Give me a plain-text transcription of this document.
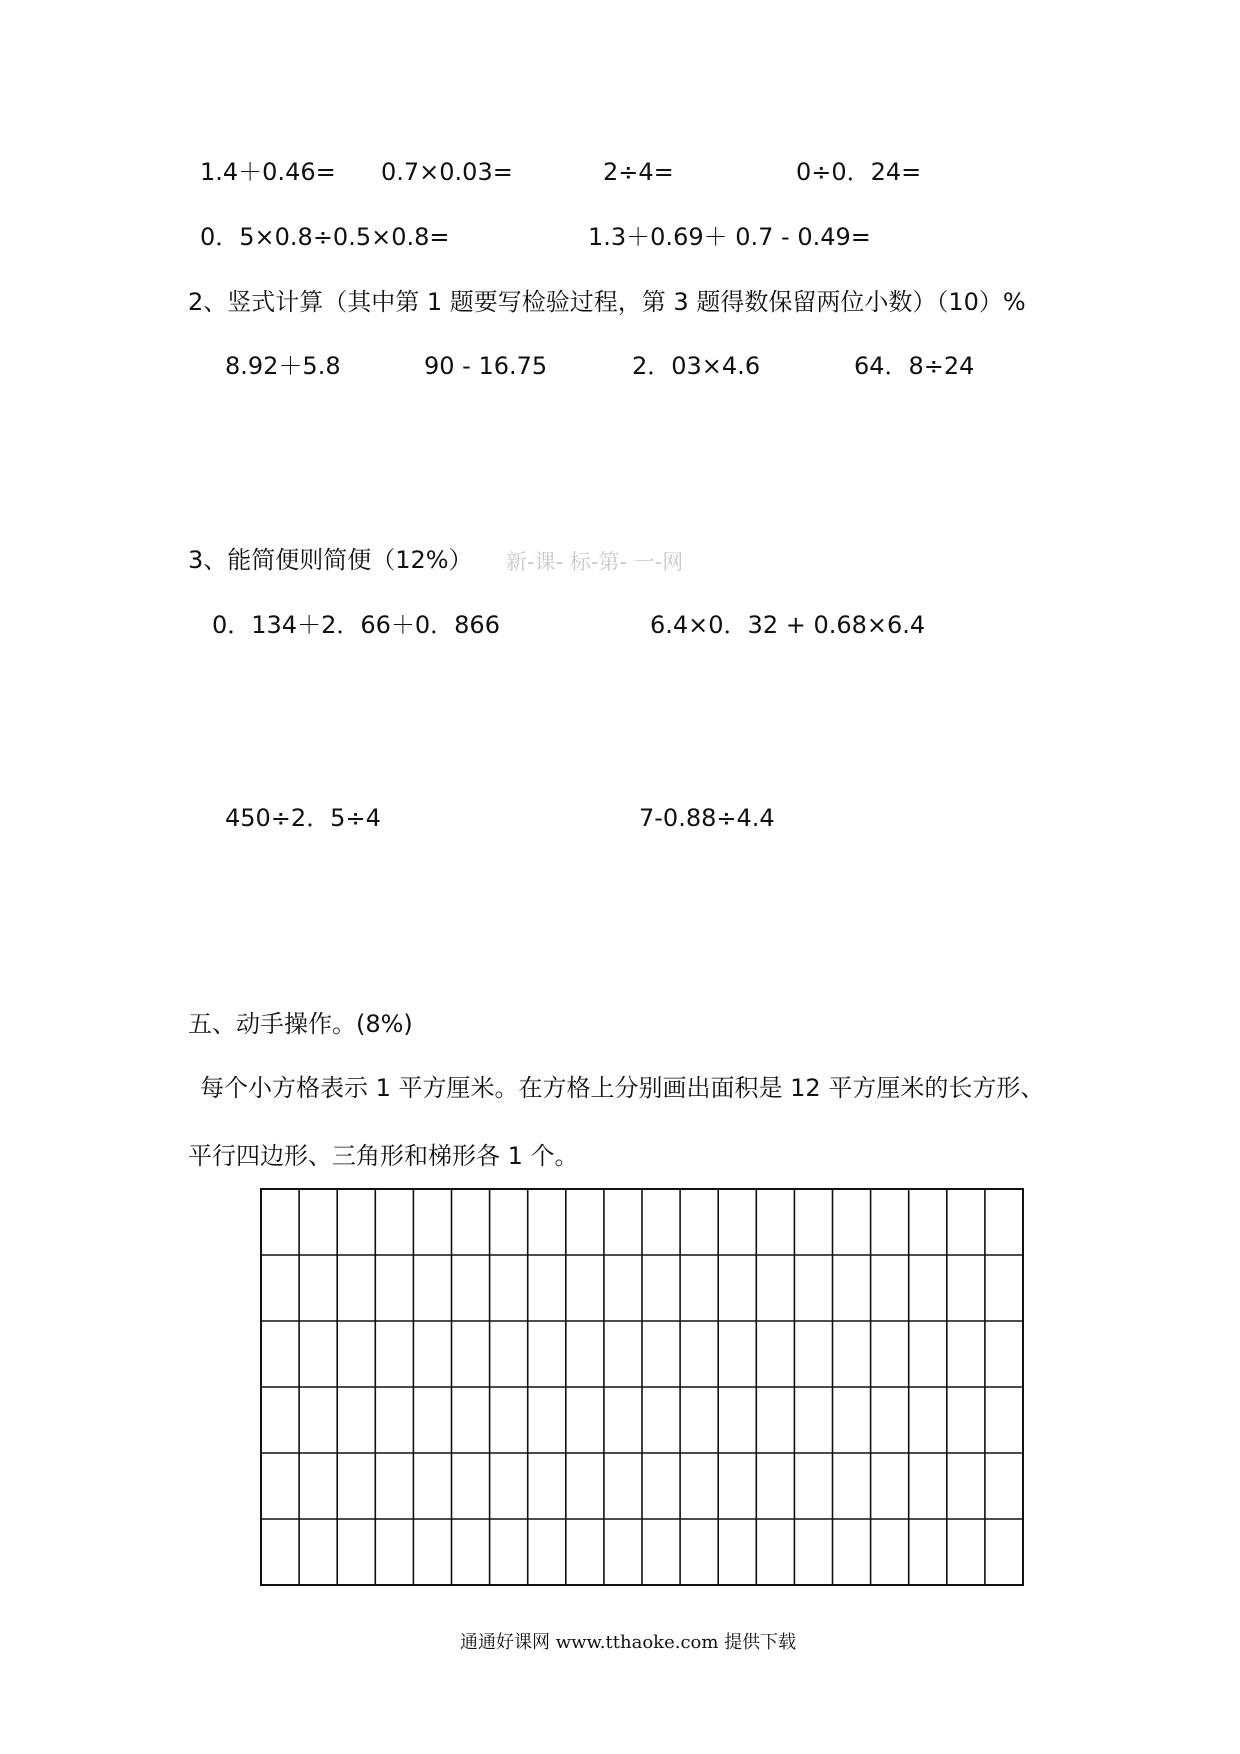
1.4＋0.46= 0.7×0.03=	2÷4=	0÷0．24=
0．5×0.8÷0.5×0.8=	1.3＋0.69＋ 0.7 - 0.49=
2、竖式计算（其中第 1 题要写检验过程，第 3 题得数保留两位小数）（10）%
8.92＋5.8	90 - 16.75	2．03×4.6	64．8÷24
3、能简便则简便（12%） 新-课- 标-第- 一-网
0．134＋2．66＋0．866	6.4×0．32 + 0.68×6.4
450÷2．5÷4	7-0.88÷4.4
五、动手操作。(8%)
每个小方格表示 1 平方厘米。在方格上分别画出面积是 12 平方厘米的长方形、
平行四边形、三角形和梯形各 1 个。
通通好课网 www.tthaoke.com 提供下载
